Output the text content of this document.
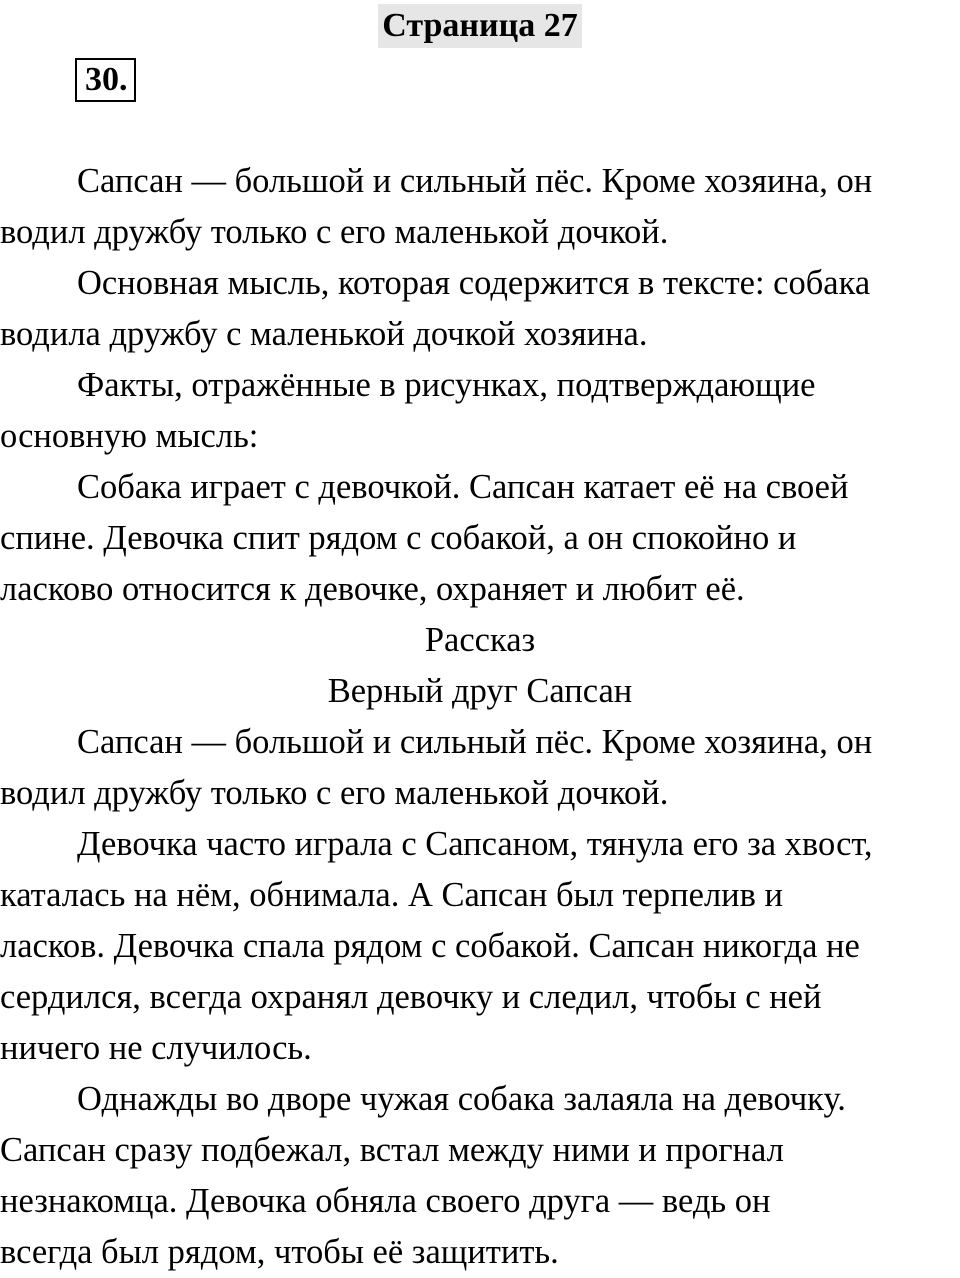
Страница 27
30.

Сапсан — большой и сильный пёс. Кроме хозяина, он
водил дружбу только с его маленькой дочкой.

Основная мысль, которая содержится в тексте: собака
водила дружбу с маленькой дочкой хозяина.

Факты, отражённые в рисунках, подтверждающие
основную мысль:

Собака играет с девочкой. Сапсан катает её на своей
спине. Девочка спит рядом с собакой, а он спокойно и
ласково относится к девочке, охраняет и любит её.

Рассказ

Верный друг Сапсан

Сапсан — большой и сильный пёс. Кроме хозяина, он
водил дружбу только с его маленькой дочкой.

Девочка часто играла с Сапсаном, тянула его за хвост,
каталась на нём, обнимала. А Сапсан был терпелив и
ласков. Девочка спала рядом с собакой. Сапсан никогда не
сердился, всегда охранял девочку и следил, чтобы с ней
ничего не случилось.

Однажды во дворе чужая собака залаяла на девочку.
Сапсан сразу подбежал, встал между ними и прогнал
незнакомца. Девочка обняла своего друга — ведь он
всегда был рядом, чтобы её защитить.
